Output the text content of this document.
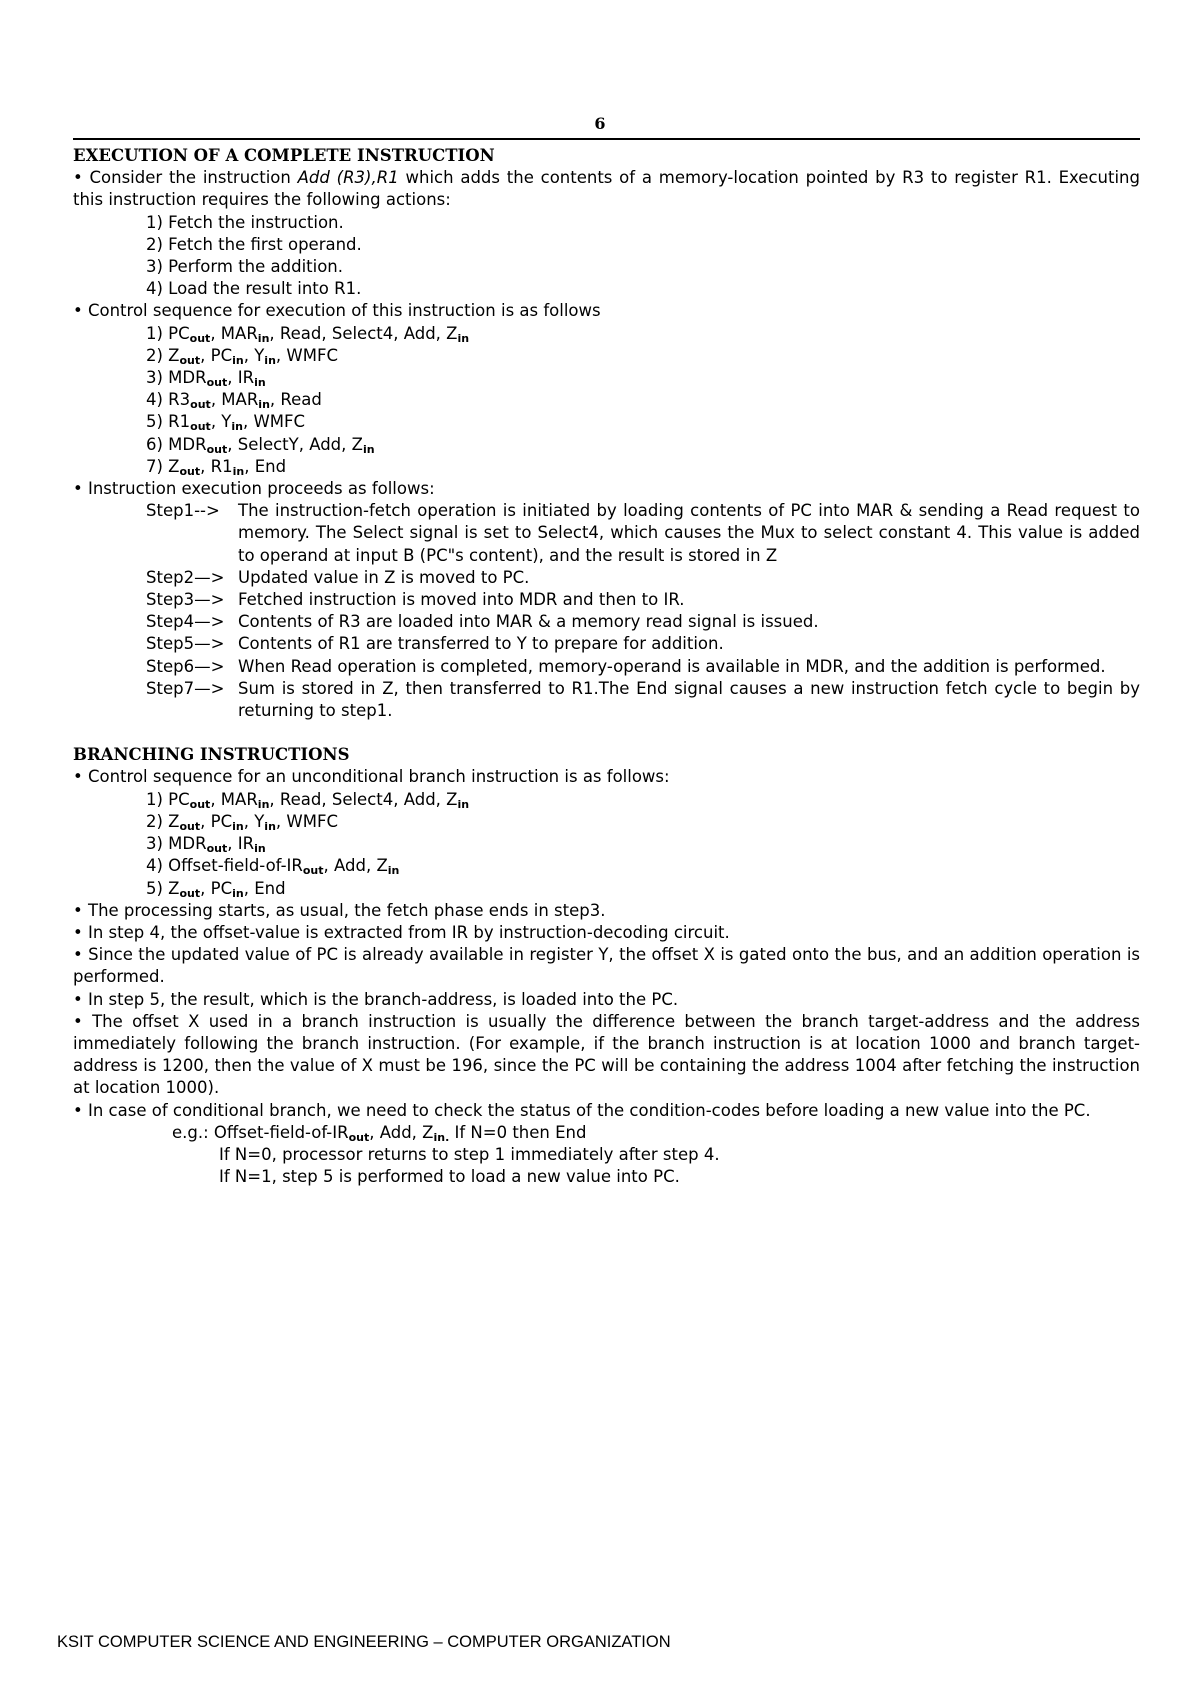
6
EXECUTION OF A COMPLETE INSTRUCTION

• Consider the instruction Add (R3),R1 which adds the contents of a memory-location pointed by R3 to register R1. Executing this instruction requires the following actions:

1) Fetch the instruction.
2) Fetch the first operand.
3) Perform the addition.
4) Load the result into R1.

• Control sequence for execution of this instruction is as follows

1) $PC_{out}$, $MAR_{in}$, Read, Select4, Add, $Z_{in}$
2) $Z_{out}$, $PC_{in}$, $Y_{in}$, WMFC
3) $MDR_{out}$, $IR_{in}$
4) $R3_{out}$, $MAR_{in}$, Read
5) $R1_{out}$, $Y_{in}$, WMFC
6) $MDR_{out}$, SelectY, Add, $Z_{in}$
7) $Z_{out}$, $R1_{in}$, End

• Instruction execution proceeds as follows:

Step1-->	The instruction-fetch operation is initiated by loading contents of PC into MAR & sending a Read request to memory. The Select signal is set to Select4, which causes the Mux to select constant 4. This value is added to operand at input B (PC"s content), and the result is stored in Z
Step2—> Updated value in Z is moved to PC.
Step3—> Fetched instruction is moved into MDR and then to IR.
Step4—> Contents of R3 are loaded into MAR & a memory read signal is issued.
Step5—> Contents of R1 are transferred to Y to prepare for addition.
Step6—> When Read operation is completed, memory-operand is available in MDR, and the addition is performed.
Step7—> Sum is stored in Z, then transferred to R1.The End signal causes a new instruction fetch cycle to begin by returning to step1.
BRANCHING INSTRUCTIONS

• Control sequence for an unconditional branch instruction is as follows:

1) $PC_{out}$, $MAR_{in}$, Read, Select4, Add, $Z_{in}$
2) $Z_{out}$, $PC_{in}$, $Y_{in}$, WMFC
3) $MDR_{out}$, $IR_{in}$
4) Offset-$field-of-IR_{out}$, Add, $Z_{in}$
5) $Z_{out}$, $PC_{in}$, End

• The processing starts, as usual, the fetch phase ends in step3.

• In step 4, the offset-value is extracted from IR by instruction-decoding circuit.

• Since the updated value of PC is already available in register Y, the offset X is gated onto the bus, and an addition operation is performed.

• In step 5, the result, which is the branch-address, is loaded into the PC.

• The offset X used in a branch instruction is usually the difference between the branch target-address and the address immediately following the branch instruction. (For example, if the branch instruction is at location 1000 and branch target-address is 1200, then the value of X must be 196, since the PC will be containing the address 1004 after fetching the instruction at location 1000).

• In case of conditional branch, we need to check the status of the condition-codes before loading a new value into the PC.

e.g.: Offset-$field-of-IR_{out}$, Add, $Z_{in.}$ If N=0 then End
If N=0, processor returns to step 1 immediately after step 4.
If N=1, step 5 is performed to load a new value into PC.
KSIT COMPUTER SCIENCE AND ENGINEERING – COMPUTER ORGANIZATION
